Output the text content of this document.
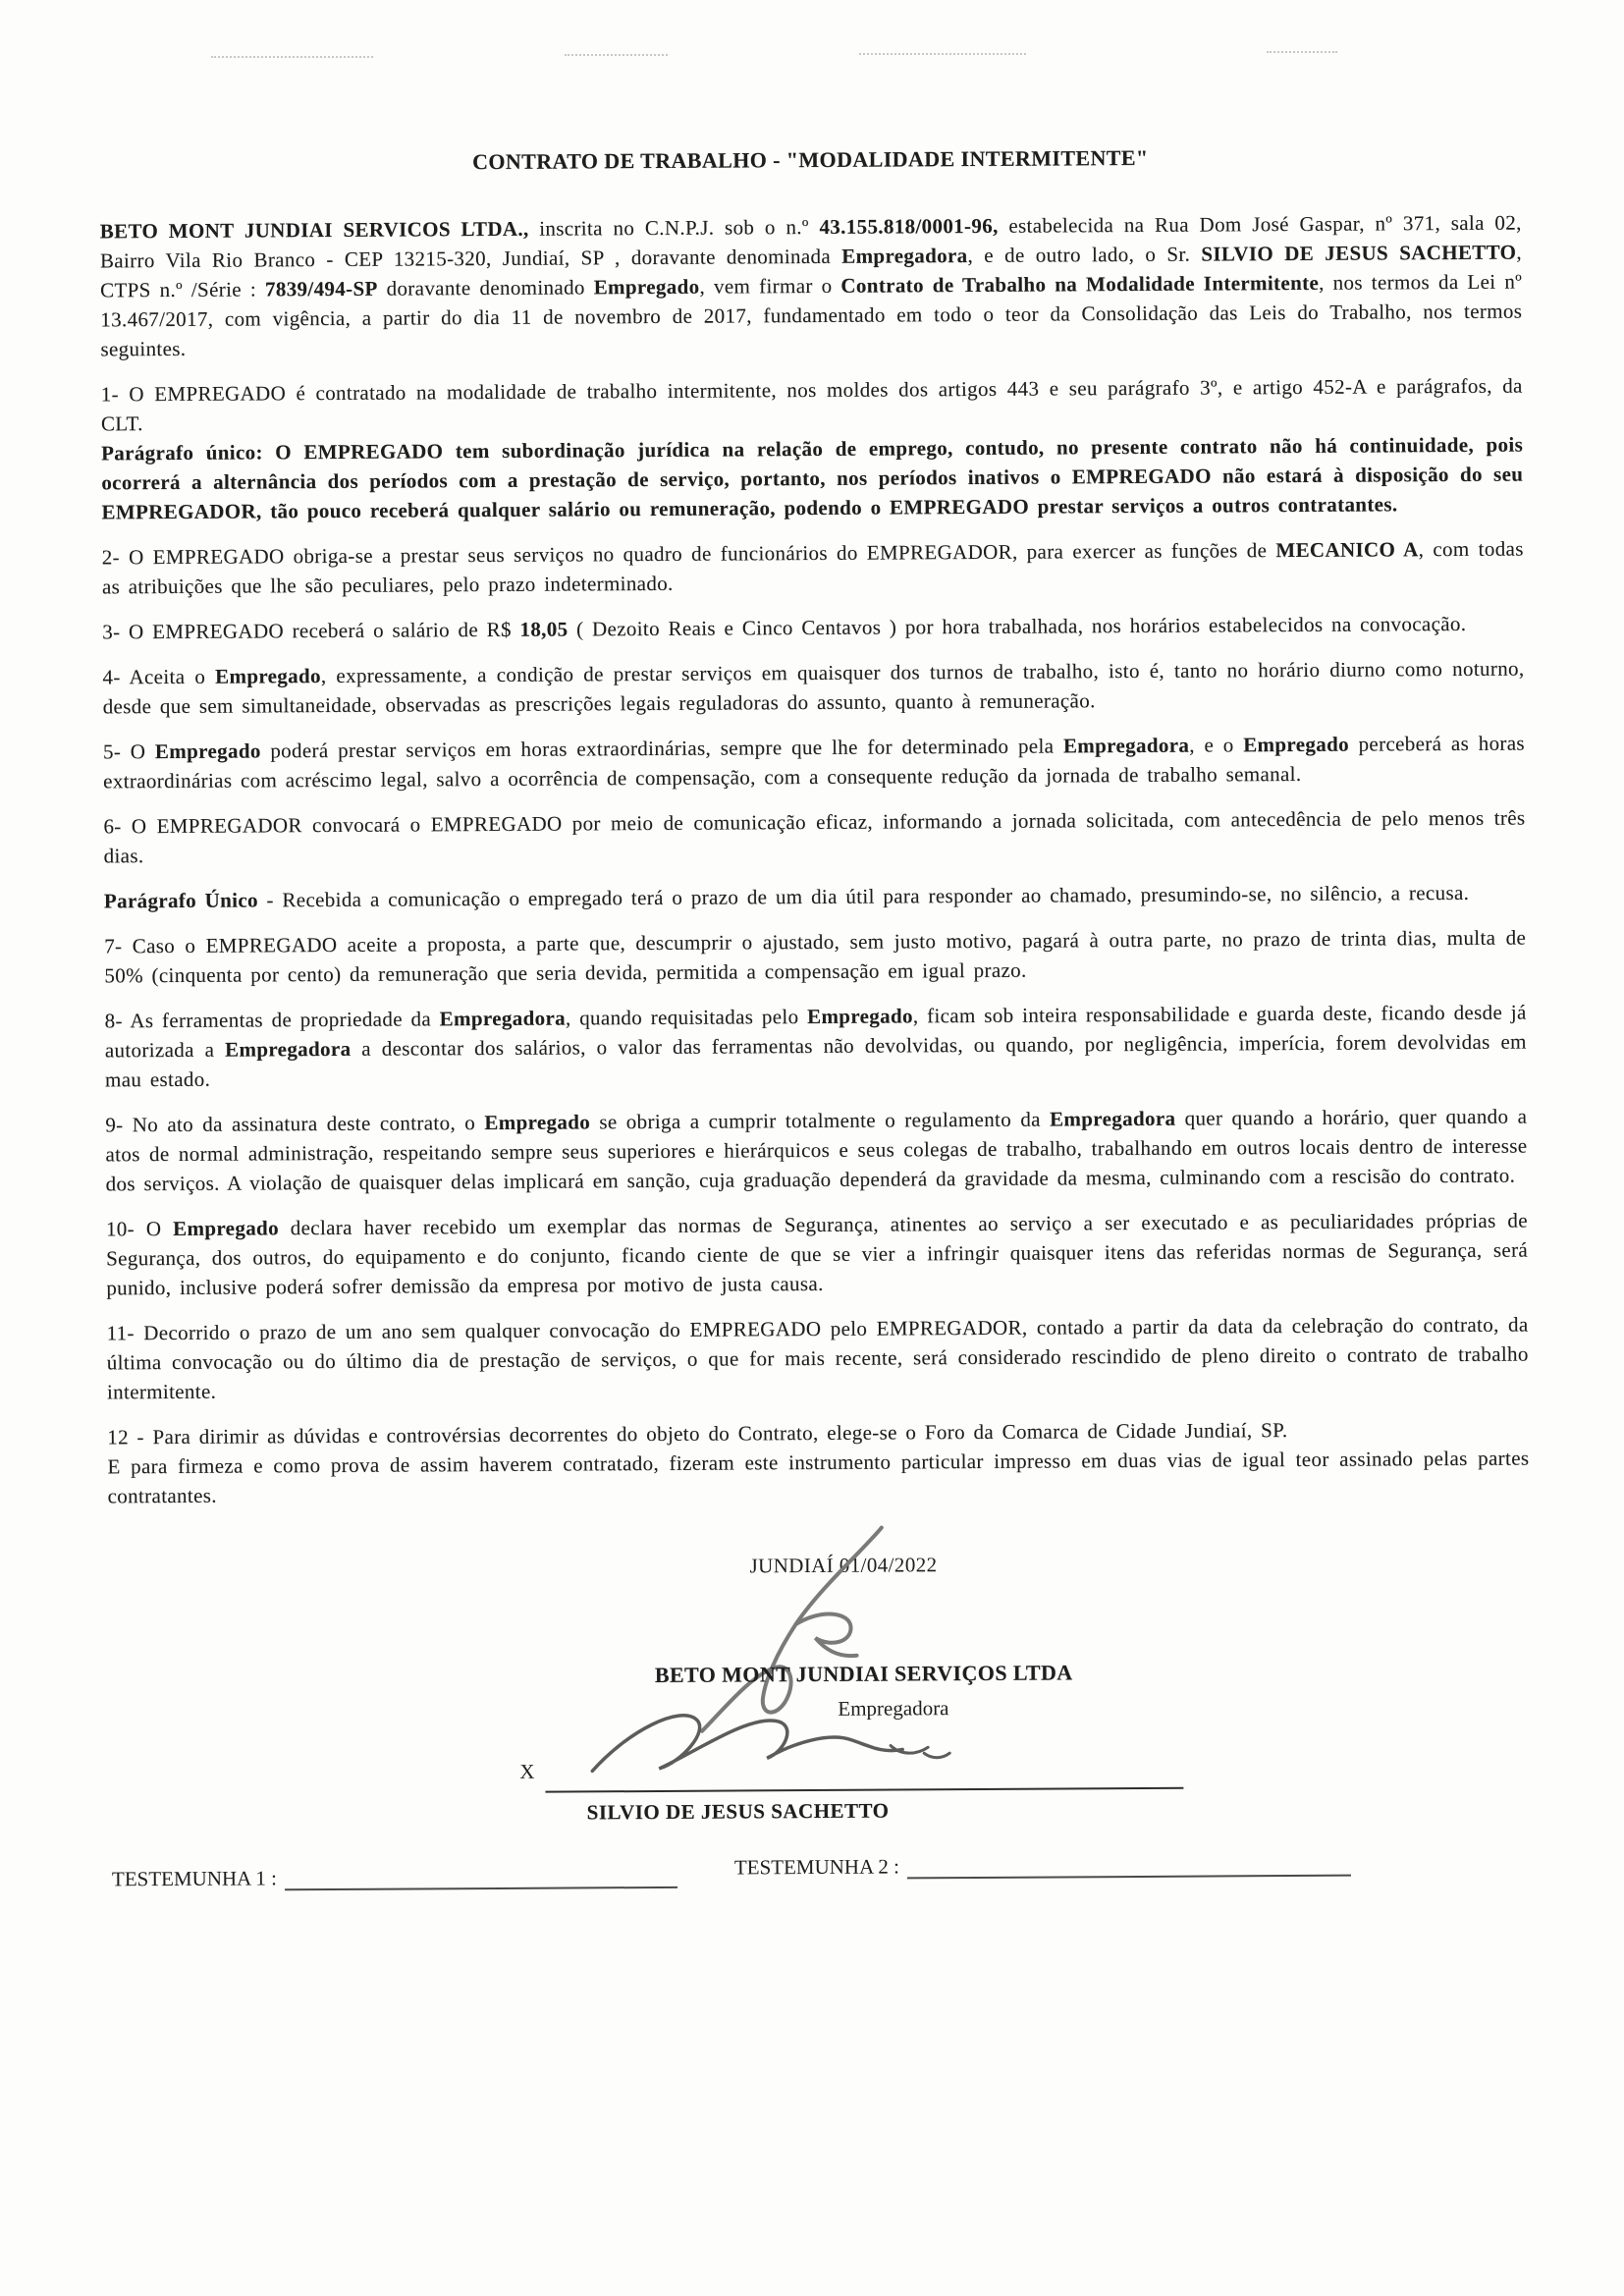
CONTRATO DE TRABALHO - "MODALIDADE INTERMITENTE"

BETO MONT JUNDIAI SERVICOS LTDA., inscrita no C.N.P.J. sob o n.º 43.155.818/0001-96, estabelecida na Rua Dom José Gaspar, nº 371, sala 02, Bairro Vila Rio Branco - CEP 13215-320, Jundiaí, SP , doravante denominada Empregadora, e de outro lado, o Sr. SILVIO DE JESUS SACHETTO, CTPS n.º /Série : 7839/494-SP doravante denominado Empregado, vem firmar o Contrato de Trabalho na Modalidade Intermitente, nos termos da Lei nº 13.467/2017, com vigência, a partir do dia 11 de novembro de 2017, fundamentado em todo o teor da Consolidação das Leis do Trabalho, nos termos seguintes.

1- O EMPREGADO é contratado na modalidade de trabalho intermitente, nos moldes dos artigos 443 e seu parágrafo 3º, e artigo 452-A e parágrafos, da CLT.

Parágrafo único: O EMPREGADO tem subordinação jurídica na relação de emprego, contudo, no presente contrato não há continuidade, pois ocorrerá a alternância dos períodos com a prestação de serviço, portanto, nos períodos inativos o EMPREGADO não estará à disposição do seu EMPREGADOR, tão pouco receberá qualquer salário ou remuneração, podendo o EMPREGADO prestar serviços a outros contratantes.

2- O EMPREGADO obriga-se a prestar seus serviços no quadro de funcionários do EMPREGADOR, para exercer as funções de MECANICO A, com todas as atribuições que lhe são peculiares, pelo prazo indeterminado.

3- O EMPREGADO receberá o salário de R$ 18,05 ( Dezoito Reais e Cinco Centavos ) por hora trabalhada, nos horários estabelecidos na convocação.

4- Aceita o Empregado, expressamente, a condição de prestar serviços em quaisquer dos turnos de trabalho, isto é, tanto no horário diurno como noturno, desde que sem simultaneidade, observadas as prescrições legais reguladoras do assunto, quanto à remuneração.

5- O Empregado poderá prestar serviços em horas extraordinárias, sempre que lhe for determinado pela Empregadora, e o Empregado perceberá as horas extraordinárias com acréscimo legal, salvo a ocorrência de compensação, com a consequente redução da jornada de trabalho semanal.

6- O EMPREGADOR convocará o EMPREGADO por meio de comunicação eficaz, informando a jornada solicitada, com antecedência de pelo menos três dias.

Parágrafo Único - Recebida a comunicação o empregado terá o prazo de um dia útil para responder ao chamado, presumindo-se, no silêncio, a recusa.

7- Caso o EMPREGADO aceite a proposta, a parte que, descumprir o ajustado, sem justo motivo, pagará à outra parte, no prazo de trinta dias, multa de 50% (cinquenta por cento) da remuneração que seria devida, permitida a compensação em igual prazo.

8- As ferramentas de propriedade da Empregadora, quando requisitadas pelo Empregado, ficam sob inteira responsabilidade e guarda deste, ficando desde já autorizada a Empregadora a descontar dos salários, o valor das ferramentas não devolvidas, ou quando, por negligência, imperícia, forem devolvidas em mau estado.

9- No ato da assinatura deste contrato, o Empregado se obriga a cumprir totalmente o regulamento da Empregadora quer quando a horário, quer quando a atos de normal administração, respeitando sempre seus superiores e hierárquicos e seus colegas de trabalho, trabalhando em outros locais dentro de interesse dos serviços. A violação de quaisquer delas implicará em sanção, cuja graduação dependerá da gravidade da mesma, culminando com a rescisão do contrato.

10- O Empregado declara haver recebido um exemplar das normas de Segurança, atinentes ao serviço a ser executado e as peculiaridades próprias de Segurança, dos outros, do equipamento e do conjunto, ficando ciente de que se vier a infringir quaisquer itens das referidas normas de Segurança, será punido, inclusive poderá sofrer demissão da empresa por motivo de justa causa.

11- Decorrido o prazo de um ano sem qualquer convocação do EMPREGADO pelo EMPREGADOR, contado a partir da data da celebração do contrato, da última convocação ou do último dia de prestação de serviços, o que for mais recente, será considerado rescindido de pleno direito o contrato de trabalho intermitente.

12 - Para dirimir as dúvidas e controvérsias decorrentes do objeto do Contrato, elege-se o Foro da Comarca de Cidade Jundiaí, SP.

E para firmeza e como prova de assim haverem contratado, fizeram este instrumento particular impresso em duas vias de igual teor assinado pelas partes contratantes.

JUNDIAÍ 01/04/2022
BETO MONT JUNDIAI SERVIÇOS LTDA
Empregadora
X
SILVIO DE JESUS SACHETTO
TESTEMUNHA 1 :	TESTEMUNHA 2 :
